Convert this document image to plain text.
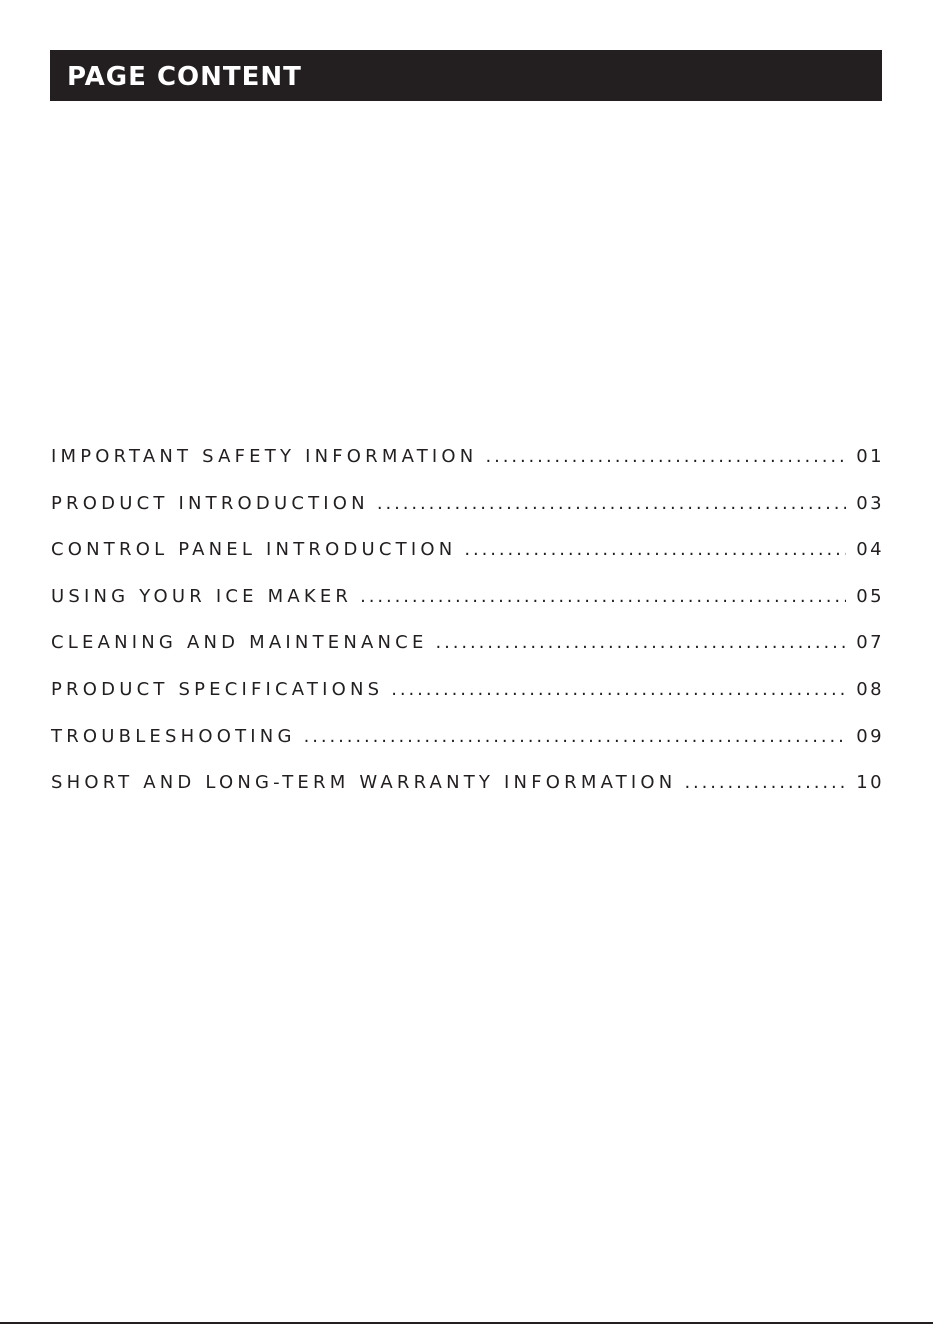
PAGE CONTENT
IMPORTANT SAFETY INFORMATION .....	01
PRODUCT INTRODUCTION .....	03
CONTROL PANEL INTRODUCTION .....	04
USING YOUR ICE MAKER .....	05
CLEANING AND MAINTENANCE .....	07
PRODUCT SPECIFICATIONS .....	08
TROUBLESHOOTING .....	09
SHORT AND LONG-TERM WARRANTY INFORMATION .....	10
